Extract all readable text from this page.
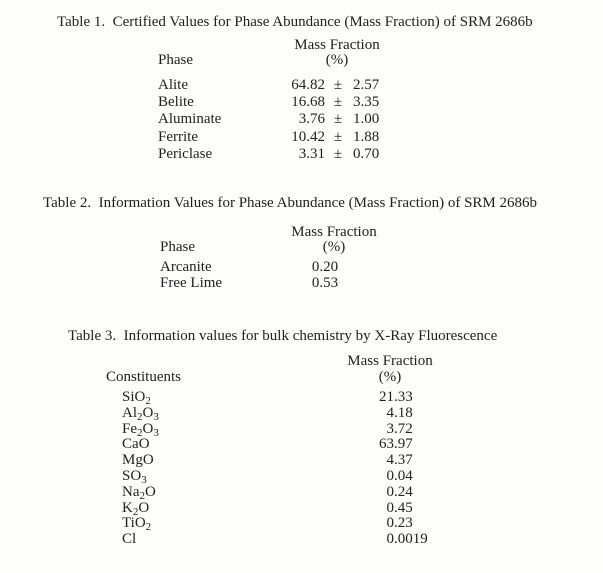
Table 1.  Certified Values for Phase Abundance (Mass Fraction) of SRM 2686b
Mass Fraction
(%)
Phase
Alite
Belite
Aluminate
Ferrite
Periclase
64.82
16.68
3.76
10.42
3.31
±
±
±
±
±
2.57
3.35
1.00
1.88
0.70
Table 2.  Information Values for Phase Abundance (Mass Fraction) of SRM 2686b
Mass Fraction
(%)
Phase
Arcanite
Free Lime
0.20
0.53
Table 3.  Information values for bulk chemistry by X-Ray Fluorescence
Mass Fraction
(%)
Constituents
SiO$_2$
$Al_2O_3$
$Fe_2O_3$
CaO
MgO
$SO_3$
$Na_2O$
$K_2O$
TiO$_2$
Cl
21 .33
4 .18
3 .72
63 .97
4 .37
0 .04
0 .24
0 .45
0 .23
0 .0019
